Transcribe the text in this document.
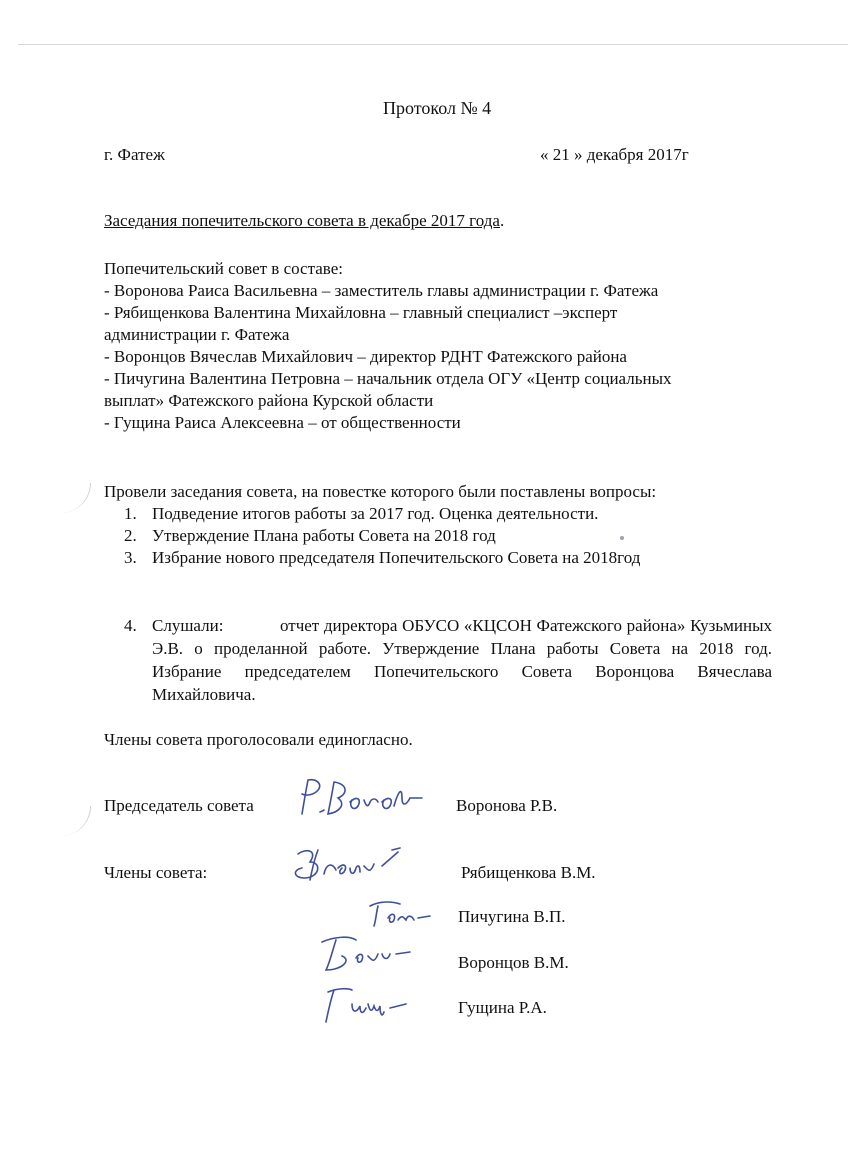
Протокол № 4
г. Фатеж	« 21 » декабря 2017г
Заседания попечительского совета в декабре 2017 года.
Попечительский совет в составе:
- Воронова Раиса Васильевна – заместитель главы администрации г. Фатежа
- Рябищенкова Валентина Михайловна – главный специалист –эксперт
администрации г. Фатежа
- Воронцов Вячеслав Михайлович – директор РДНТ Фатежского района
- Пичугина Валентина Петровна – начальник отдела ОГУ «Центр социальных
выплат» Фатежского района Курской области
- Гущина Раиса Алексеевна – от общественности
Провели заседания совета, на повестке которого были поставлены вопросы:
1. Подведение итогов работы за 2017 год. Оценка деятельности.
2. Утверждение Плана работы Совета на 2018 год
3. Избрание нового председателя Попечительского Совета на 2018год
4. Слушали:	отчет директора ОБУСО «КЦСОН Фатежского района» Кузьминых Э.В. о проделанной работе. Утверждение Плана работы Совета на 2018 год. Избрание председателем Попечительского Совета Воронцова Вячеслава Михайловича.
Члены совета проголосовали единогласно.
Председатель совета	Воронова Р.В.
Члены совета:	Рябищенкова В.М.
Пичугина В.П.
Воронцов В.М.
Гущина Р.А.
